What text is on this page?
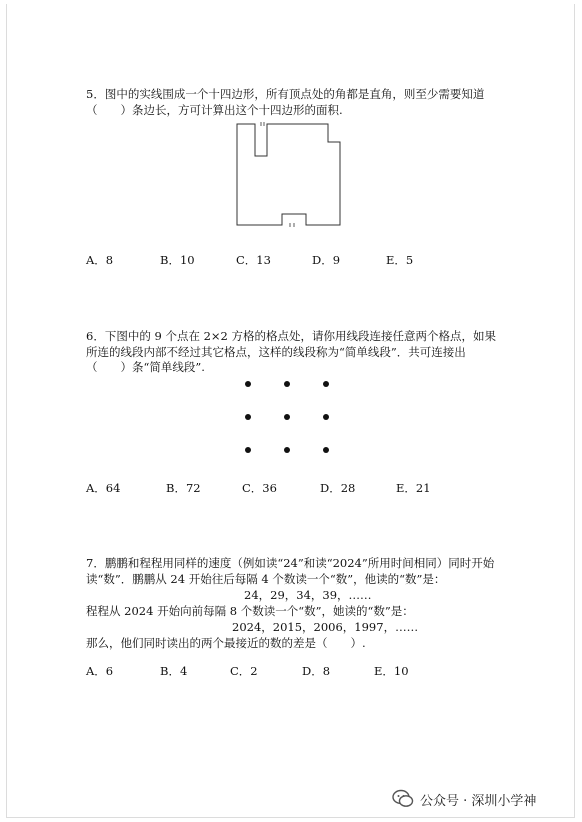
5．图中的实线围成一个十四边形，所有顶点处的角都是直角，则至少需要知道
（　　）条边长，方可计算出这个十四边形的面积.
A．8	B．10	C．13	D．9	E．5
6．下图中的 9 个点在 2×2 方格的格点处，请你用线段连接任意两个格点，如果
所连的线段内部不经过其它格点，这样的线段称为“简单线段”．共可连接出
（　　）条“简单线段”.
A．64	B．72	C．36	D．28	E．21
7．鹏鹏和程程用同样的速度（例如读“24”和读“2024”所用时间相同）同时开始
读“数”．鹏鹏从 24 开始往后每隔 4 个数读一个“数”，他读的“数”是：
24，29，34，39，……
程程从 2024 开始向前每隔 8 个数读一个“数”，她读的“数”是：
2024，2015，2006，1997，……
那么，他们同时读出的两个最接近的数的差是（　　）.
A．6	B．4	C．2	D．8	E．10
公众号 · 深圳小学神
